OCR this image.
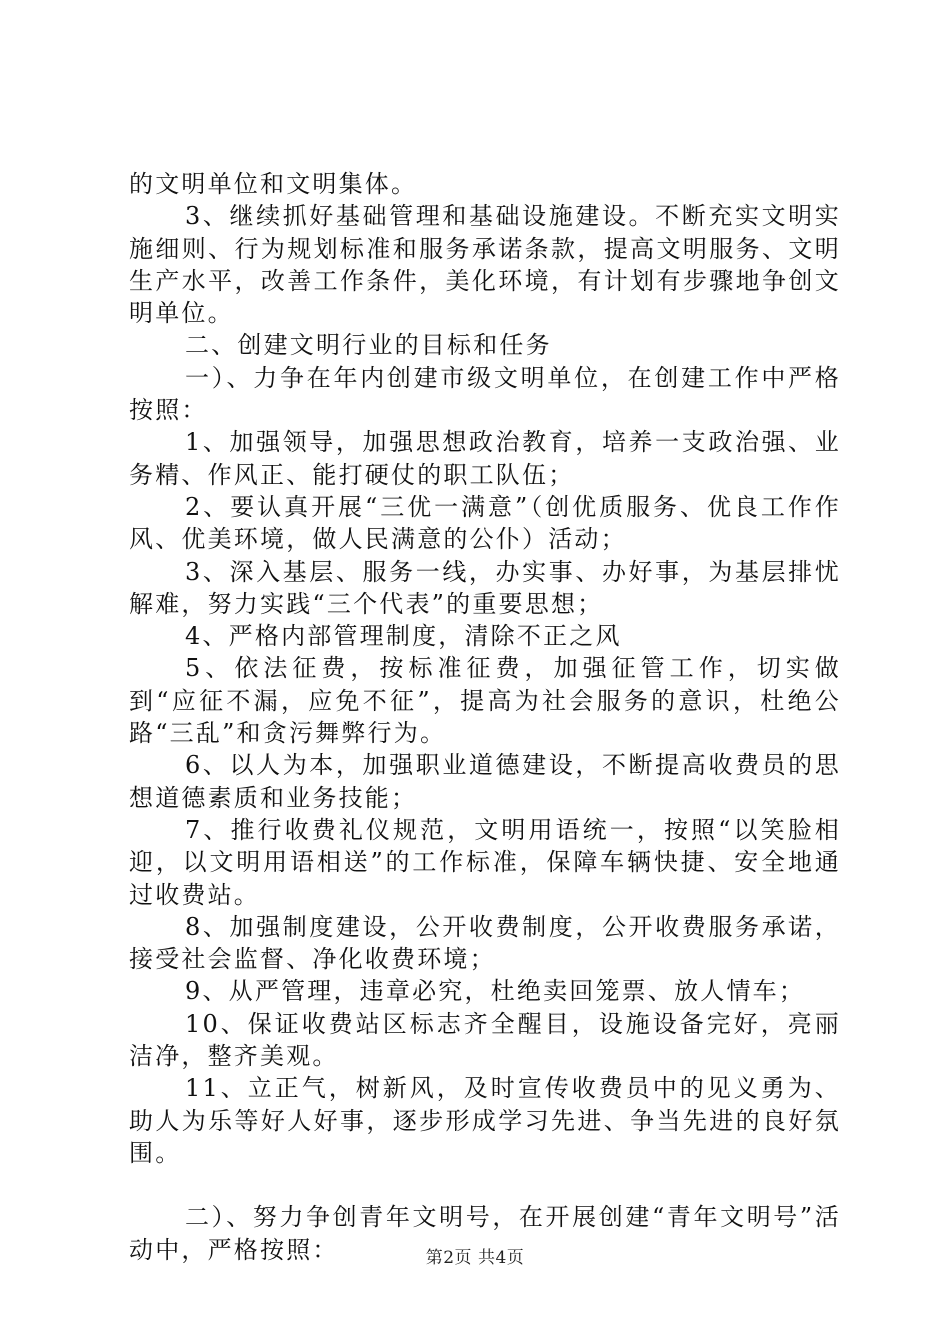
的文明单位和文明集体。

3、继续抓好基础管理和基础设施建设。不断充实文明实施细则、行为规划标准和服务承诺条款，提高文明服务、文明生产水平，改善工作条件，美化环境，有计划有步骤地争创文明单位。

二、创建文明行业的目标和任务

一）、力争在年内创建市级文明单位，在创建工作中严格按照：

1、加强领导，加强思想政治教育，培养一支政治强、业务精、作风正、能打硬仗的职工队伍；

2、要认真开展“三优一满意”（创优质服务、优良工作作风、优美环境，做人民满意的公仆）活动；

3、深入基层、服务一线，办实事、办好事，为基层排忧解难，努力实践“三个代表”的重要思想；

4、严格内部管理制度，清除不正之风

5、依法征费，按标准征费，加强征管工作，切实做到“应征不漏，应免不征”，提高为社会服务的意识，杜绝公路“三乱”和贪污舞弊行为。

6、以人为本，加强职业道德建设，不断提高收费员的思想道德素质和业务技能；

7、推行收费礼仪规范，文明用语统一，按照“以笑脸相迎，以文明用语相送”的工作标准，保障车辆快捷、安全地通过收费站。

8、加强制度建设，公开收费制度，公开收费服务承诺，接受社会监督、净化收费环境；

9、从严管理，违章必究，杜绝卖回笼票、放人情车；

10、保证收费站区标志齐全醒目，设施设备完好，亮丽洁净，整齐美观。

11、立正气，树新风，及时宣传收费员中的见义勇为、助人为乐等好人好事，逐步形成学习先进、争当先进的良好氛围。

二）、努力争创青年文明号，在开展创建“青年文明号”活动中，严格按照：	第2页 共4页
